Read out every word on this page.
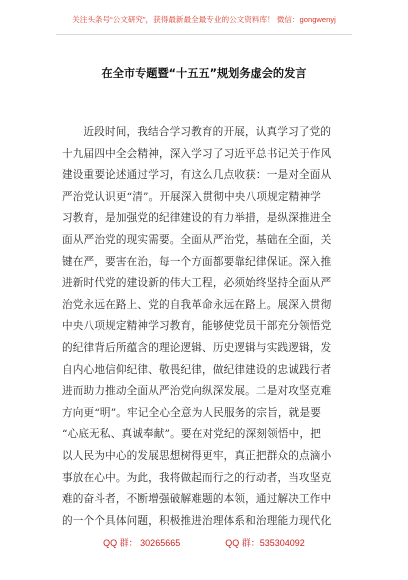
关注头条号“公文研究”，获得最新最全最专业的公文资料库！ 微信：gongwenyj
在全市专题暨“十五五”规划务虚会的发言
近段时间，我结合学习教育的开展，认真学习了党的
十九届四中全会精神，深入学习了习近平总书记关于作风
建设重要论述通过学习，有这么几点收获：一是对全面从
严治党认识更“清”。开展深入贯彻中央八项规定精神学
习教育，是加强党的纪律建设的有力举措，是纵深推进全
面从严治党的现实需要。全面从严治党，基础在全面，关
键在严，要害在治，每一个方面都要靠纪律保证。深入推
进新时代党的建设新的伟大工程，必须始终坚持全面从严
治党永远在路上、党的自我革命永远在路上。展深入贯彻
中央八项规定精神学习教育，能够使党员干部充分领悟党
的纪律背后所蕴含的理论逻辑、历史逻辑与实践逻辑，发
自内心地信仰纪律、敬畏纪律，做纪律建设的忠诚践行者
进而助力推动全面从严治党向纵深发展。二是对攻坚克难
方向更“明”。牢记全心全意为人民服务的宗旨，就是要
“心底无私、真诚奉献”。要在对党纪的深刻领悟中，把
以人民为中心的发展思想树得更牢，真正把群众的点滴小
事放在心中。为此，我将做起而行之的行动者，当攻坚克
难的奋斗者，不断增强破解难题的本领，通过解决工作中
的一个个具体问题，积极推进治理体系和治理能力现代化
QQ 群： 30265665	QQ 群：535304092
